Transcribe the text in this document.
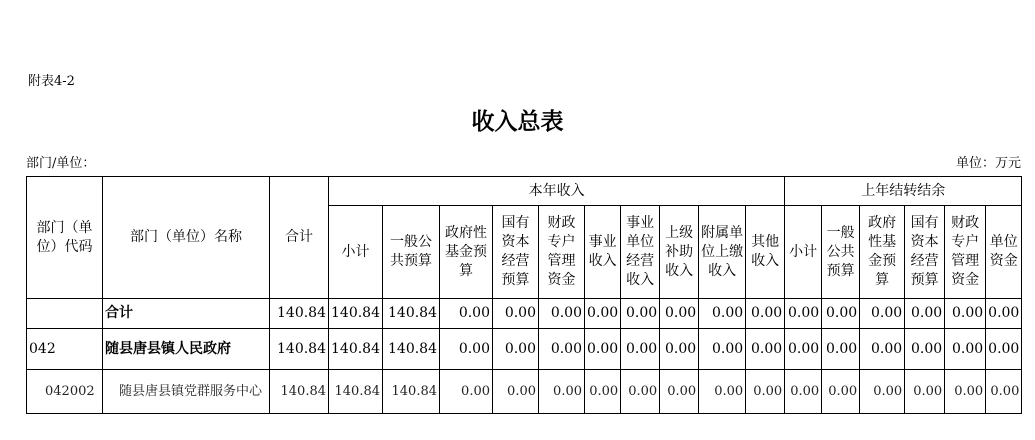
附表4-2
收入总表
部门/单位：	单位：万元
部门（单位）代码	部门（单位）名称	合计	本年收入										上年结转结余					
			小计	一般公共预算	政府性基金预算	国有资本经营预算	财政专户管理资金	事业收入	事业单位经营收入	上级补助收入	附属单位上缴收入	其他收入	小计	一般公共预算	政府性基金预算	国有资本经营预算	财政专户管理资金	单位资金
	合计	140.84	140.84	140.84	0.00	0.00	0.00	0.00	0.00	0.00	0.00	0.00	0.00	0.00	0.00	0.00	0.00	0.00
042	随县唐县镇人民政府	140.84	140.84	140.84	0.00	0.00	0.00	0.00	0.00	0.00	0.00	0.00	0.00	0.00	0.00	0.00	0.00	0.00
042002	随县唐县镇党群服务中心	140.84	140.84	140.84	0.00	0.00	0.00	0.00	0.00	0.00	0.00	0.00	0.00	0.00	0.00	0.00	0.00	0.00
